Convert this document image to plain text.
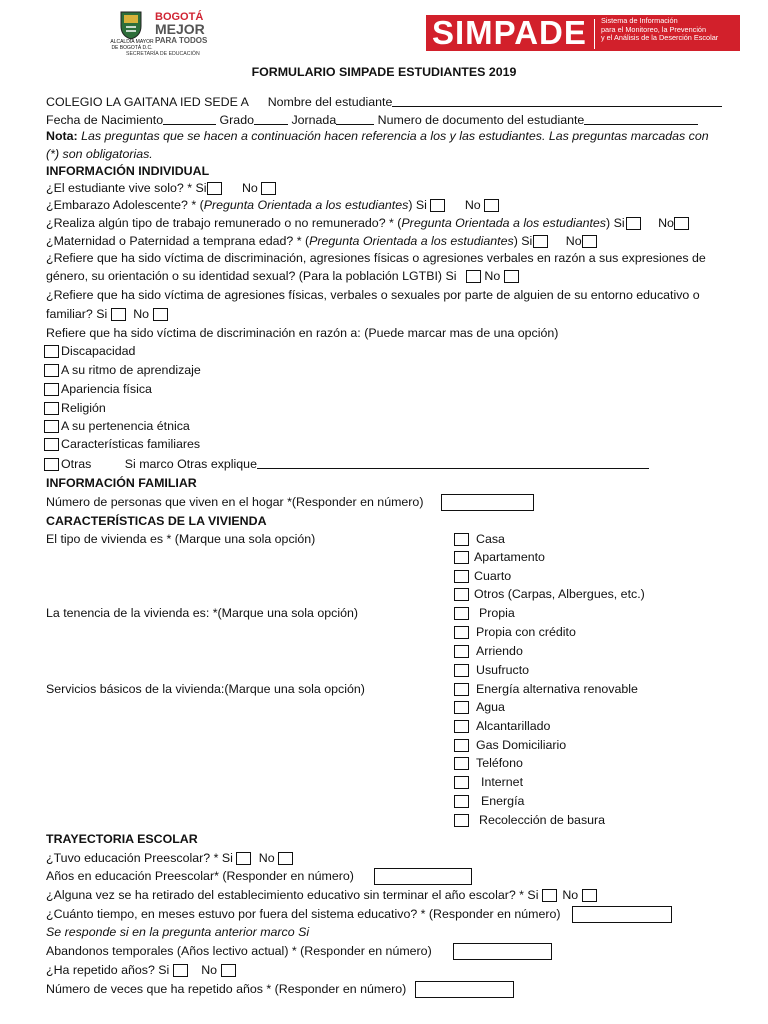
ALCALDÍA MAYOR DE BOGOTÁ D.C.
SECRETARÍA DE EDUCACIÓN
BOGOTÁ
MEJOR
PARA TODOS	SIMPADE Sistema de Información
para el Monitoreo, la Prevención
y el Análisis de la Deserción Escolar
FORMULARIO SIMPADE ESTUDIANTES 2019
COLEGIO LA GAITANA IED SEDE A Nombre del estudiante
Fecha de Nacimiento	Grado	Jornada	Numero de documento del estudiante
Nota: Las preguntas que se hacen a continuación hacen referencia a los y las estudiantes. Las preguntas marcadas con
(*) son obligatorias.
INFORMACIÓN INDIVIDUAL
¿El estudiante vive solo? * Si	No
¿Embarazo Adolescente? * (Pregunta Orientada a los estudiantes) Si	No
¿Realiza algún tipo de trabajo remunerado o no remunerado? * (Pregunta Orientada a los estudiantes) Si	No
¿Maternidad o Paternidad a temprana edad? * (Pregunta Orientada a los estudiantes) Si	No
¿Refiere que ha sido víctima de discriminación, agresiones físicas o agresiones verbales en razón a sus expresiones de
género, su orientación o su identidad sexual? (Para la población LGTBI) Si No
¿Refiere que ha sido víctima de agresiones físicas, verbales o sexuales por parte de alguien de su entorno educativo o
familiar? Si No
Refiere que ha sido víctima de discriminación en razón a: (Puede marcar mas de una opción)
Discapacidad
A su ritmo de aprendizaje
Apariencia física
Religión
A su pertenencia étnica
Características familiares
Otras	Si marco Otras explique
INFORMACIÓN FAMILIAR
Número de personas que viven en el hogar *(Responder en número)
CARACTERÍSTICAS DE LA VIVIENDA
El tipo de vivienda es * (Marque una sola opción)	Casa
Apartamento
Cuarto
Otros (Carpas, Albergues, etc.)
La tenencia de la vivienda es: *(Marque una sola opción)	Propia
Propia con crédito
Arriendo
Usufructo
Servicios básicos de la vivienda:(Marque una sola opción)	Energía alternativa renovable
Agua
Alcantarillado
Gas Domiciliario
Teléfono
Internet
Energía
Recolección de basura
TRAYECTORIA ESCOLAR
¿Tuvo educación Preescolar? * Si No
Años en educación Preescolar* (Responder en número)
¿Alguna vez se ha retirado del establecimiento educativo sin terminar el año escolar? * Si No
¿Cuánto tiempo, en meses estuvo por fuera del sistema educativo? * (Responder en número)
Se responde si en la pregunta anterior marco Si
Abandonos temporales (Años lectivo actual) * (Responder en número)
¿Ha repetido años? Si	No
Número de veces que ha repetido años * (Responder en número)
